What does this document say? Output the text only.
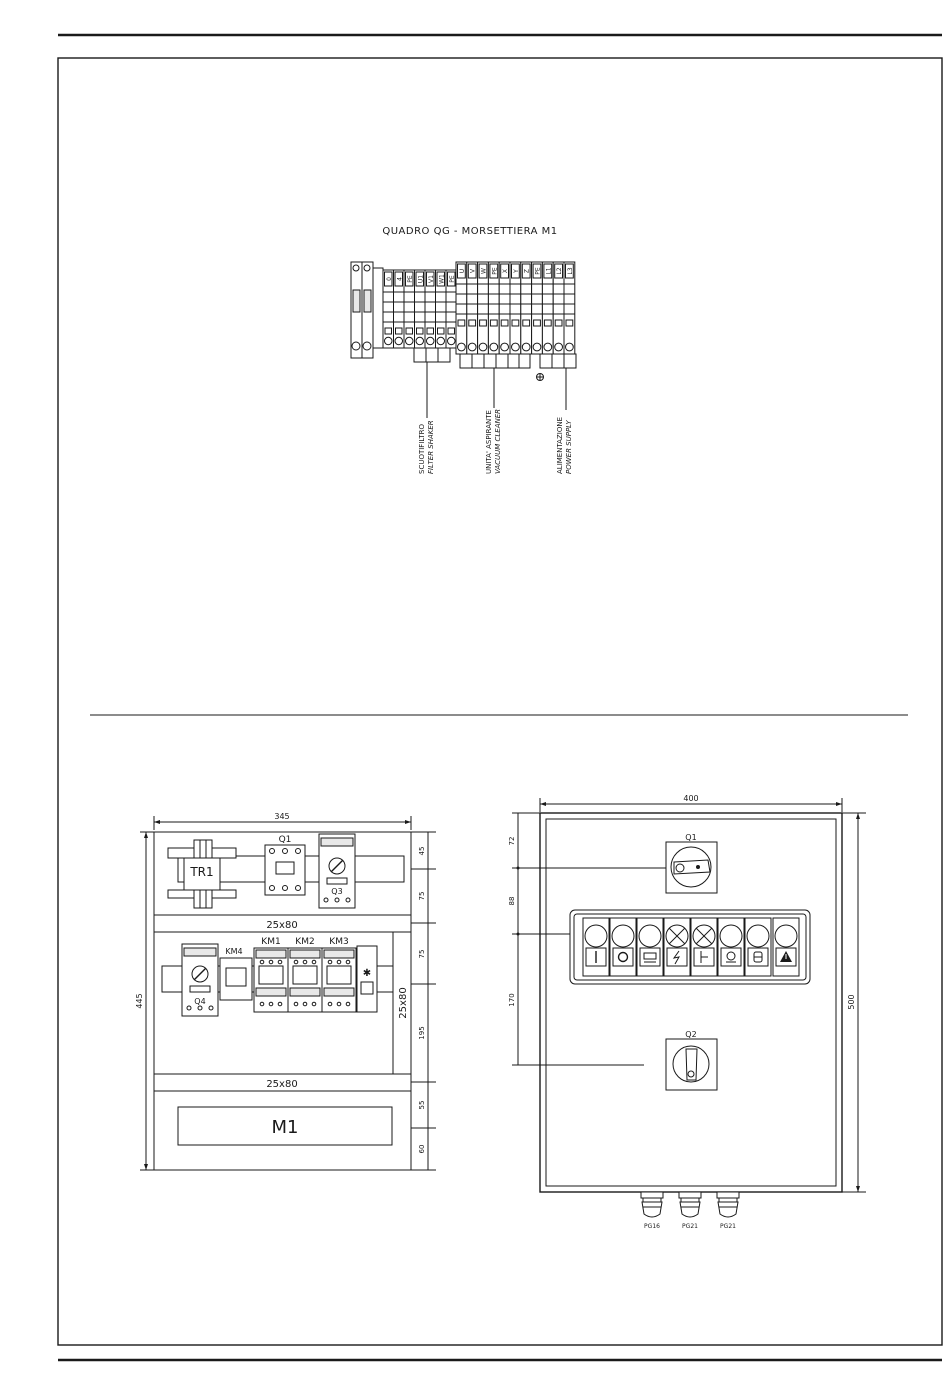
QUADRO QG - MORSETTIERA M1
0 4 PE U1 V1 W1 PE
U V W PE X Y Z PE L1 L2 L3
SCUOTIFILTRO FILTER SHAKER	UNITA' ASPIRANTE VACUUM CLEANER	ALIMENTAZIONE POWER SUPPLY
345
445
TR1
Q1
Q3
25x80
25x80
Q4
KM4
KM1 KM2 KM3
✱
25x80
M1
45
75
75
195
55
60
400
500
72
88
170
Q1
Q2
PG16	PG21	PG21
